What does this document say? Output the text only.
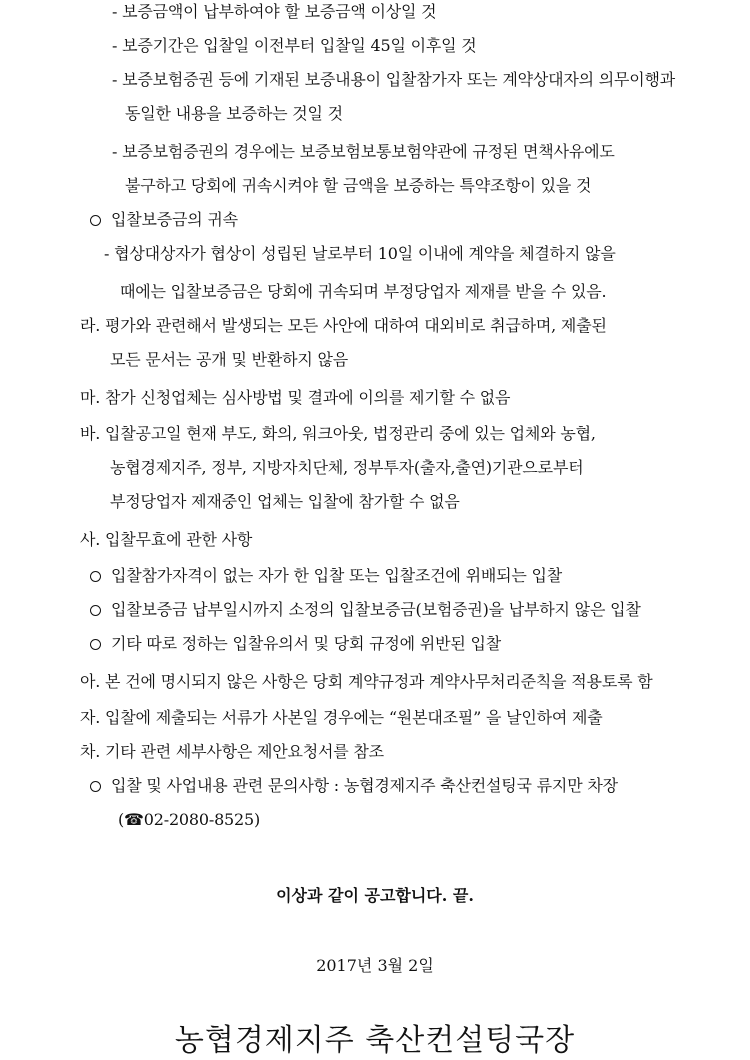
- 보증금액이 납부하여야 할 보증금액 이상일 것
- 보증기간은 입찰일 이전부터 입찰일 45일 이후일 것
- 보증보험증권 등에 기재된 보증내용이 입찰참가자 또는 계약상대자의 의무이행과
동일한 내용을 보증하는 것일 것
- 보증보험증권의 경우에는 보증보험보통보험약관에 규정된 면책사유에도
불구하고 당회에 귀속시켜야 할 금액을 보증하는 특약조항이 있을 것
입찰보증금의 귀속
- 협상대상자가 협상이 성립된 날로부터 10일 이내에 계약을 체결하지 않을
때에는 입찰보증금은 당회에 귀속되며 부정당업자 제재를 받을 수 있음.
라. 평가와 관련해서 발생되는 모든 사안에 대하여 대외비로 취급하며, 제출된
모든 문서는 공개 및 반환하지 않음
마. 참가 신청업체는 심사방법 및 결과에 이의를 제기할 수 없음
바. 입찰공고일 현재 부도, 화의, 워크아웃, 법정관리 중에 있는 업체와 농협,
농협경제지주, 정부, 지방자치단체, 정부투자(출자,출연)기관으로부터
부정당업자 제재중인 업체는 입찰에 참가할 수 없음
사. 입찰무효에 관한 사항
입찰참가자격이 없는 자가 한 입찰 또는 입찰조건에 위배되는 입찰
입찰보증금 납부일시까지 소정의 입찰보증금(보험증권)을 납부하지 않은 입찰
기타 따로 정하는 입찰유의서 및 당회 규정에 위반된 입찰
아. 본 건에 명시되지 않은 사항은 당회 계약규정과 계약사무처리준칙을 적용토록 함
자. 입찰에 제출되는 서류가 사본일 경우에는 “원본대조필” 을 날인하여 제출
차. 기타 관련 세부사항은 제안요청서를 참조
입찰 및 사업내용 관련 문의사항 : 농협경제지주 축산컨설팅국 류지만 차장
(☎02-2080-8525)
이상과 같이 공고합니다. 끝.
2017년 3월 2일
농협경제지주 축산컨설팅국장
